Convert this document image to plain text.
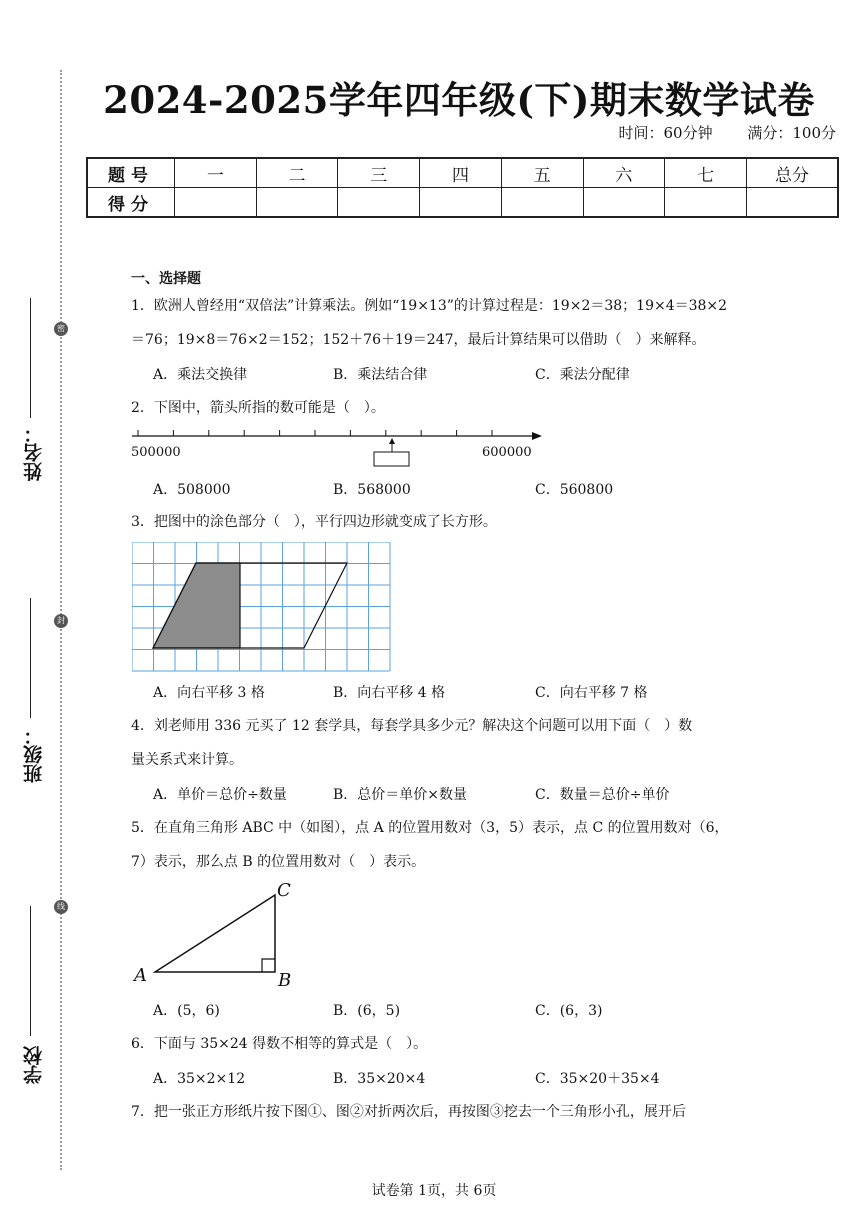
密
封
线
姓名：
班级：
学校
2024-2025学年四年级(下)期末数学试卷
时间：60分钟 满分：100分
题号	一	二	三	四	五	六	七	总分
得分								
一、选择题
1．欧洲人曾经用“双倍法”计算乘法。例如“19×13”的计算过程是：19×2＝38；19×4＝38×2
＝76；19×8＝76×2＝152；152＋76＋19＝247，最后计算结果可以借助（　）来解释。
A．乘法交换律	B．乘法结合律	C．乘法分配律
2．下图中，箭头所指的数可能是（　）。
500000	600000
A．508000	B．568000	C．560800
3．把图中的涂色部分（　），平行四边形就变成了长方形。
A．向右平移 3 格	B．向右平移 4 格	C．向右平移 7 格
4．刘老师用 336 元买了 12 套学具，每套学具多少元？解决这个问题可以用下面（　）数
量关系式来计算。
A．单价＝总价÷数量	B．总价＝单价×数量	C．数量＝总价÷单价
5．在直角三角形 ABC 中（如图），点 A 的位置用数对（3，5）表示，点 C 的位置用数对（6，
7）表示，那么点 B 的位置用数对（　）表示。
A	B
C
A．(5，6)	B．(6，5)	C．(6，3)
6．下面与 35×24 得数不相等的算式是（　）。
A．35×2×12	B．35×20×4	C．35×20＋35×4
7．把一张正方形纸片按下图①、图②对折两次后，再按图③挖去一个三角形小孔，展开后
试卷第 1页，共 6页
